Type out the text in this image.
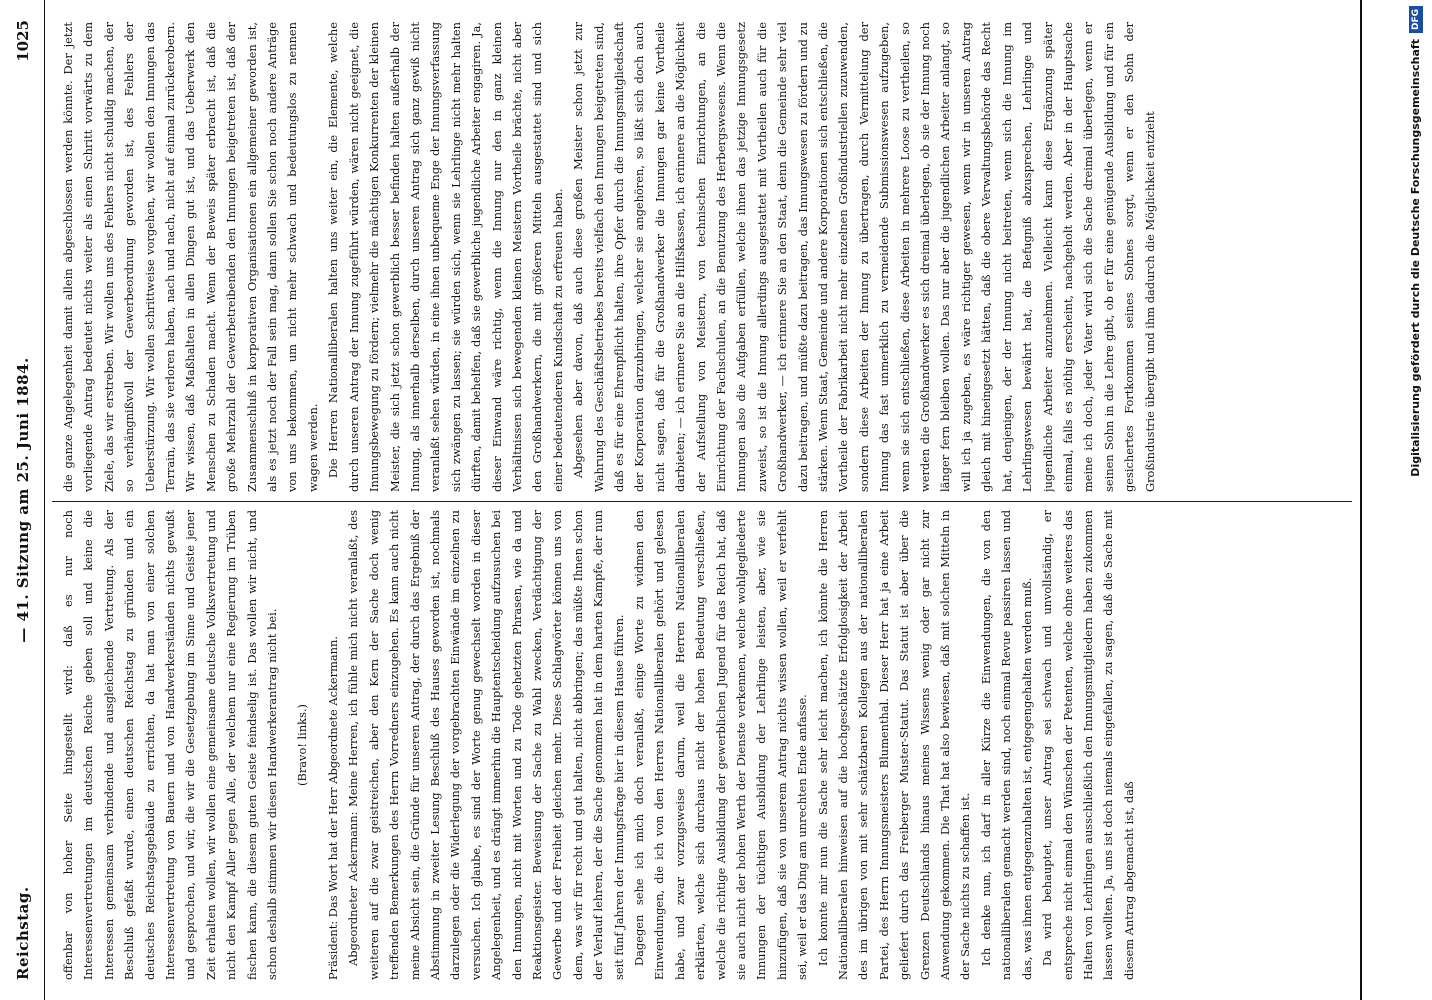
Reichstag.
— 41. Sitzung am 25. Juni 1884.
1025

offenbar von hoher Seite hingestellt wird: daß es nur noch Interessenvertretungen im deutschen Reiche geben soll und keine die Interessen gemeinsam verbindende und ausgleichende Vertretung. Als der Beschluß gefaßt wurde, einen deutschen Reichstag zu gründen und ein deutsches Reichstagsgebäude zu errichten, da hat man von einer solchen Interessenvertretung von Bauern und von Handwerkerständen nichts gewußt und gesprochen, und wir, die wir die Gesetzgebung im Sinne und Geiste jener Zeit erhalten wollen, wir wollen eine gemeinsame deutsche Volksvertretung und nicht den Kampf Aller gegen Alle, der welchem nur eine Regierung im Trüben fischen kann, die diesem guten Geiste feindselig ist. Das wollen wir nicht, und schon deshalb stimmen wir diesen Handwerkerantrag nicht bei. (Bravo! links.) Präsident: Das Wort hat der Herr Abgeordnete Ackermann. Abgeordneter Ackermann: Meine Herren, ich fühle mich nicht veranlaßt, des weiteren auf die zwar geistreichen, aber den Kern der Sache doch wenig treffenden Bemerkungen des Herrn Vorredners einzugehen. Es kann auch nicht meine Absicht sein, die Gründe für unseren Antrag, der durch das Ergebniß der Abstimmung in zweiter Lesung Beschluß des Hauses geworden ist, nochmals darzulegen oder die Widerlegung der vorgebrachten Einwände im einzelnen zu versuchen. Ich glaube, es sind der Worte genug gewechselt worden in dieser Angelegenheit, und es drängt immerhin die Hauptentscheidung aufzusuchen bei den Innungen, nicht mit Worten und zu Tode gehetzten Phrasen, wie da und Reaktionsgeister. Beweisung der Sache zu Wahl zwecken, Verdächtigung der Gewerbe und der Freiheit gleichen mehr. Diese Schlagwörter können uns von dem, was wir für recht und gut halten, nicht abbringen; das müßte Ihnen schon der Verlauf lehren, der die Sache genommen hat in dem harten Kampfe, der nun seit fünf Jahren der Innungsfrage hier in diesem Hause führen. Dagegen sehe ich mich doch veranlaßt, einige Worte zu widmen den Einwendungen, die ich von den Herren Nationalliberalen gehört und gelesen habe, und zwar vorzugsweise darum, weil die Herren Nationalliberalen erklärten, welche sich durchaus nicht der hohen Bedeutung verschließen, welche die richtige Ausbildung der gewerblichen Jugend für das Reich hat, daß sie auch nicht der hohen Werth der Dienste verkennen, welche wohlgegliederte Innungen der tüchtigen Ausbildung der Lehrlinge leisten, aber, wie sie hinzufügen, daß sie von unserem Antrag nichts wissen wollen, weil er verfehlt sei, weil er das Ding am unrechten Ende anfasse. Ich konnte mir nun die Sache sehr leicht machen, ich könnte die Herren Nationalliberalen hinweisen auf die hochgeschätzte Erfolglosigkeit der Arbeit des im übrigen von mit sehr schätzbaren Kollegen aus der nationalliberalen Partei, des Herrn Innungsmeisters Blumenthal. Dieser Herr hat ja eine Arbeit geliefert durch das Freiberger Muster-Statut. Das Statut ist aber über die Grenzen Deutschlands hinaus meines Wissens wenig oder gar nicht zur Anwendung gekommen. Die That hat also bewiesen, daß mit solchen Mitteln in der Sache nichts zu schaffen ist. Ich denke nun, ich darf in aller Kürze die Einwendungen, die von den nationalliberalen gemacht werden sind, noch einmal Revue passiren lassen und das, was ihnen entgegenzuhalten ist, entgegengehalten werden muß. Da wird behauptet, unser Antrag sei schwach und unvollständig, er entspreche nicht einmal den Wünschen der Petenten, welche ohne weiteres das Halten von Lehrlingen ausschließlich den Innungsmitgliedern haben zukommen lassen wollten. Ja, uns ist doch niemals eingefallen, zu sagen, daß die Sache mit diesem Antrag abgemacht ist, daß

die ganze Angelegenheit damit allein abgeschlossen werden könnte. Der jetzt vorliegende Antrag bedeutet nichts weiter als einen Schritt vorwärts zu dem Ziele, das wir erstreben. Wir wollen uns des Fehlers nicht schuldig machen, der so verhängnißvoll der Gewerbeordnung geworden ist, des Fehlers der Ueberstürzung. Wir wollen schrittweise vorgehen, wir wollen den Innungen das Terrain, das sie verloren haben, nach und nach, nicht auf einmal zurückerobern. Wir wissen, daß Maßhalten in allen Dingen gut ist, und das Ueberwerk den Menschen zu Schaden macht. Wenn der Beweis später erbracht ist, daß die große Mehrzahl der Gewerbetreibenden den Innungen beigetreten ist, daß der Zusammenschluß in korporativen Organisationen ein allgemeiner geworden ist, als es jetzt noch der Fall sein mag, dann sollen Sie schon noch andere Anträge von uns bekommen, um nicht mehr schwach und bedeutungslos zu nennen wagen werden. Die Herren Nationalliberalen halten uns weiter ein, die Elemente, welche durch unseren Antrag der Innung zugeführt würden, wären nicht geeignet, die Innungsbewegung zu fördern; vielmehr die mächtigen Konkurrenten der kleinen Meister, die sich jetzt schon gewerblich besser befinden halten außerhalb der Innung, als innerhalb derselben, durch unseren Antrag sich ganz gewiß nicht veranlaßt sehen würden, in eine ihnen unbequeme Enge der Innungsverfassung sich zwängen zu lassen; sie würden sich, wenn sie Lehrlinge nicht mehr halten dürften, damit behelfen, daß sie gewerbliche jugendliche Arbeiter engagiren. Ja, dieser Einwand wäre richtig, wenn die Innung nur den in ganz kleinen Verhältnissen sich bewegenden kleinen Meistern Vortheile brächte, nicht aber den Großhandwerkern, die mit größeren Mitteln ausgestattet sind und sich einer bedeutenderen Kundschaft zu erfreuen haben. Abgesehen aber davon, daß auch diese großen Meister schon jetzt zur Wahrung des Geschäftsbetriebes bereits vielfach den Innungen beigetreten sind, daß es für eine Ehrenpflicht halten, ihre Opfer durch die Innungsmitgliedschaft der Korporation darzubringen, welcher sie angehören, so läßt sich doch auch nicht sagen, daß für die Großhandwerker die Innungen gar keine Vortheile darbieten; — ich erinnere Sie an die Hilfskassen, ich erinnere an die Möglichkeit der Aufstellung von Meistern, von technischen Einrichtungen, an die Einrichtung der Fachschulen, an die Benutzung des Herbergswesens. Wenn die Innungen also die Aufgaben erfüllen, welche ihnen das jetzige Innungsgesetz zuweist, so ist die Innung allerdings ausgestattet mit Vortheilen auch für die Großhandwerker, — ich erinnere Sie an den Staat, denn die Gemeinde sehr viel dazu beitragen, und müßte dazu beitragen, das Innungswesen zu fördern und zu stärken. Wenn Staat, Gemeinde und andere Korporationen sich entschließen, die Vortheile der Fabrikarbeit nicht mehr einzelnen Großindustriellen zuzuwenden, sondern diese Arbeiten der Innung zu übertragen, durch Vermittelung der Innung das fast unmerklich zu vermeidende Submissionswesen aufzugeben, wenn sie sich entschließen, diese Arbeiten in mehrere Loose zu vertheilen, so werden die Großhandwerker es sich dreimal überlegen, ob sie der Innung noch länger fern bleiben wollen. Das nur aber die jugendlichen Arbeiter anlangt, so will ich ja zugeben, es wäre richtiger gewesen, wenn wir in unseren Antrag gleich mit hineingesetzt hätten, daß die obere Verwaltungsbehörde das Recht hat, denjenigen, der der Innung nicht beitreten, wenn sich die Innung im Lehrlingswesen bewährt hat, die Befugniß abzusprechen, Lehrlinge und jugendliche Arbeiter anzunehmen. Vielleicht kann diese Ergänzung später einmal, falls es nöthig erscheint, nachgeholt werden. Aber in der Hauptsache meine ich doch, jeder Vater wird sich die Sache dreimal überlegen, wenn er seinen Sohn in die Lehre gibt, ob er für eine genügende Ausbildung und für ein gesichertes Fortkommen seines Sohnes sorgt, wenn er den Sohn der Großindustrie übergibt und ihm dadurch die Möglichkeit entzieht	Digitalisierung gefördert durch die Deutsche ForschungsgemeinschaftDFG
